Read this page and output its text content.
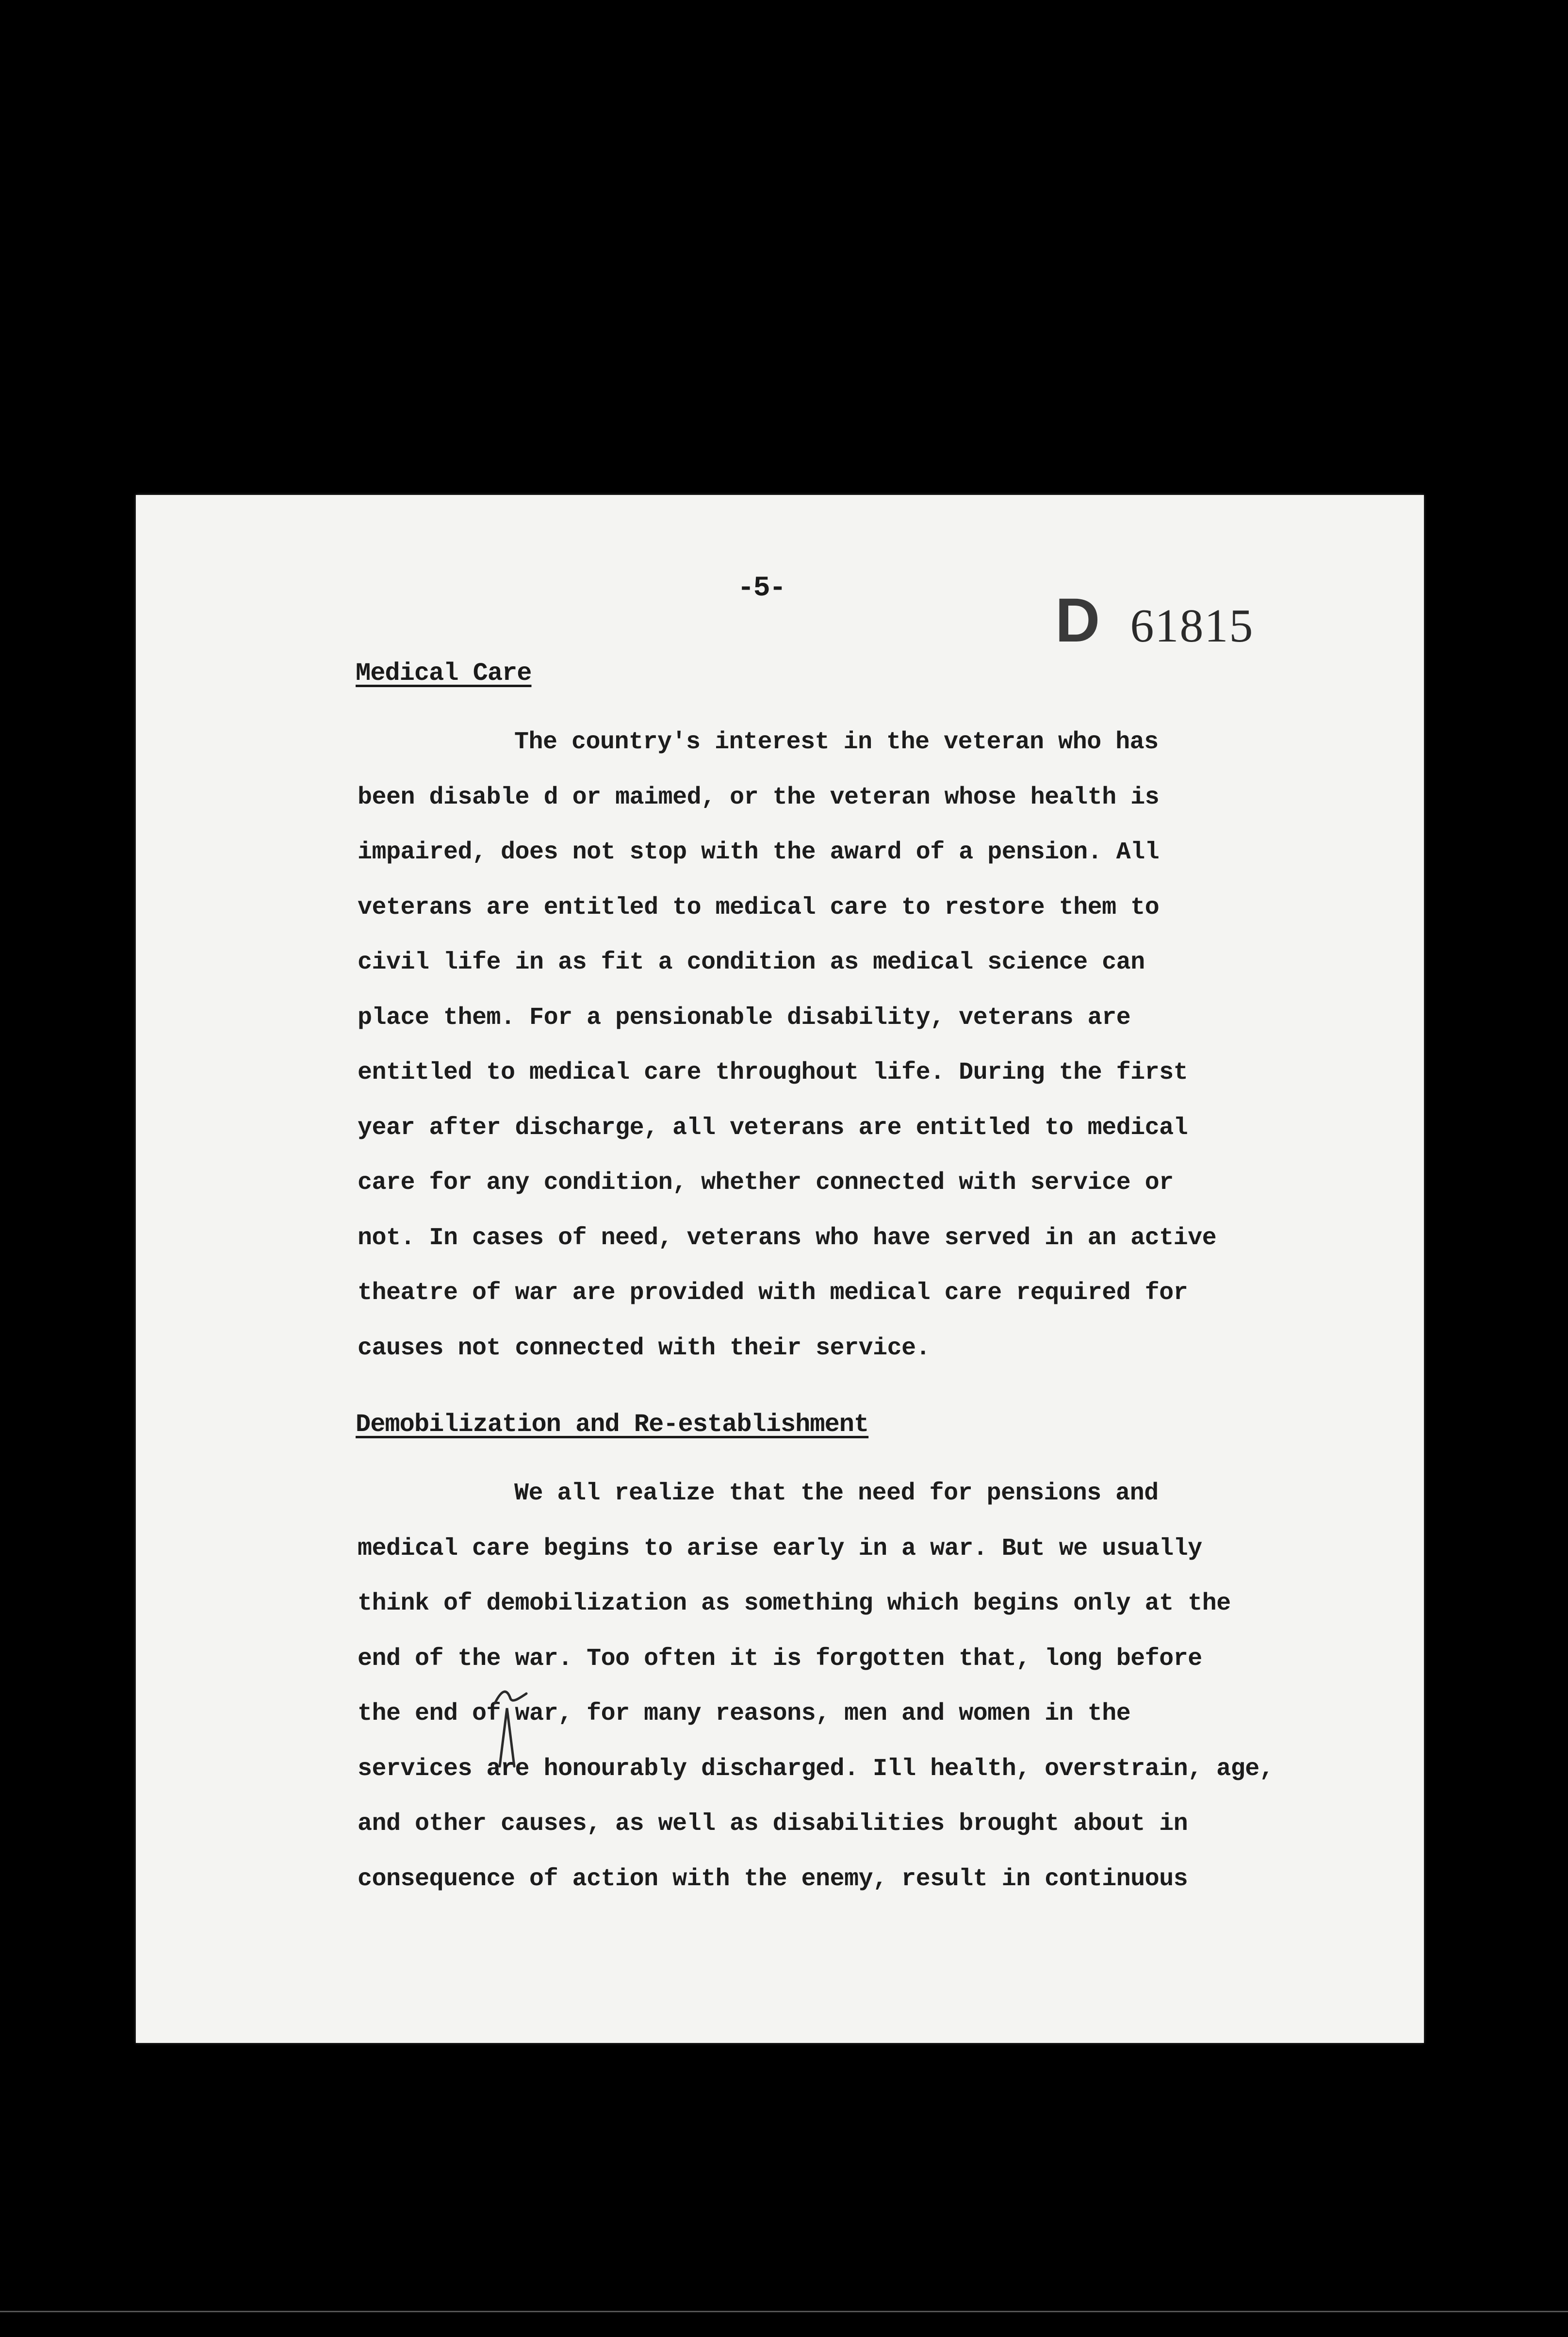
-5-	D 61815
Medical Care
The country's interest in the veteran who has
been disable d or maimed, or the veteran whose health is
impaired, does not stop with the award of a pension. All
veterans are entitled to medical care to restore them to
civil life in as fit a condition as medical science can
place them. For a pensionable disability, veterans are
entitled to medical care throughout life. During the first
year after discharge, all veterans are entitled to medical
care for any condition, whether connected with service or
not. In cases of need, veterans who have served in an active
theatre of war are provided with medical care required for
causes not connected with their service.
Demobilization and Re-establishment
We all realize that the need for pensions and
medical care begins to arise early in a war. But we usually
think of demobilization as something which begins only at the
end of the war. Too often it is forgotten that, long before
the end of war, for many reasons, men and women in the
services are honourably discharged. Ill health, overstrain, age,
and other causes, as well as disabilities brought about in
consequence of action with the enemy, result in continuous
